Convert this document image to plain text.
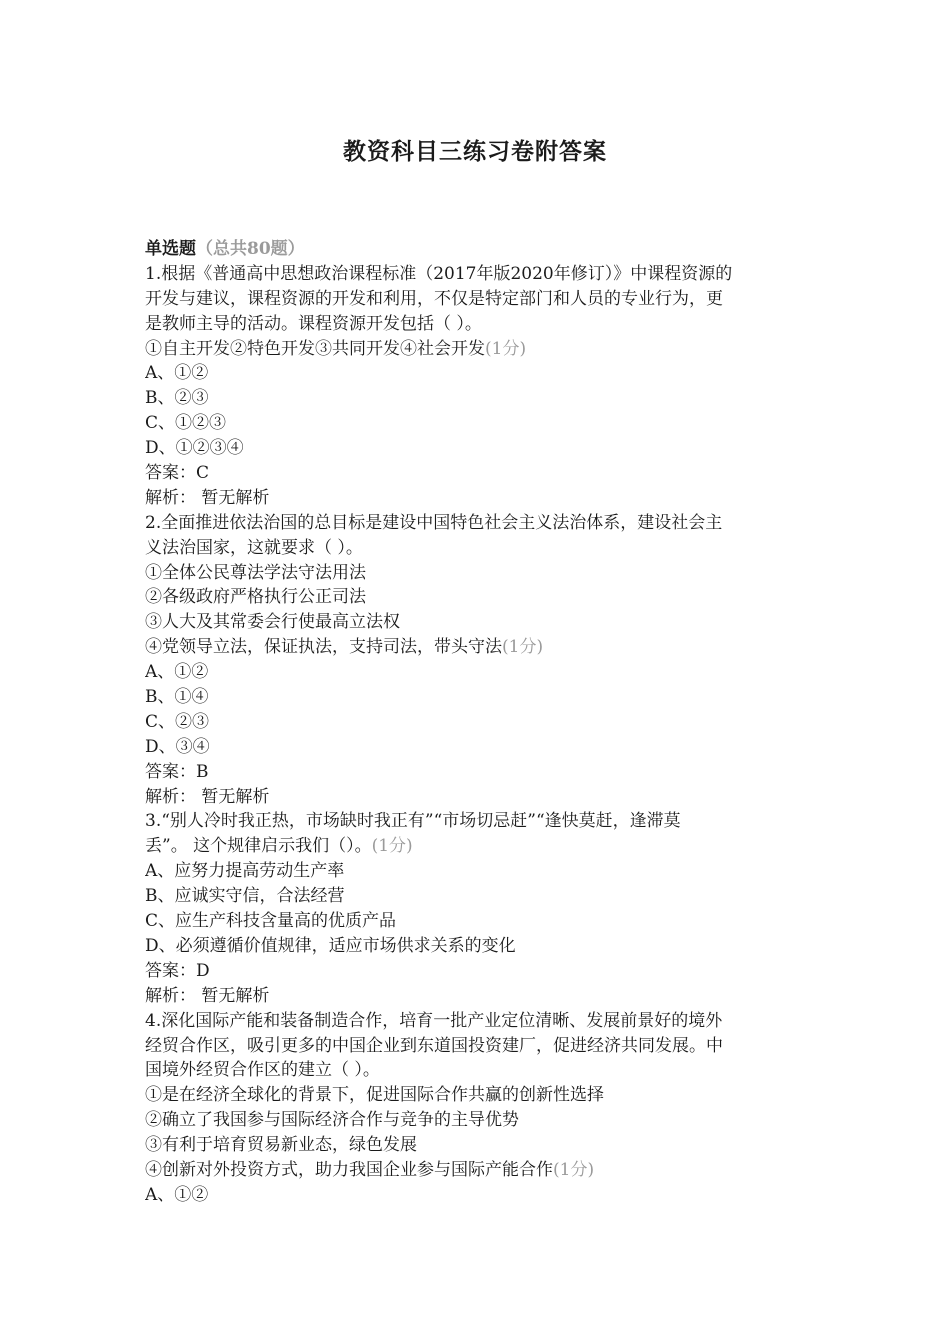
教资科目三练习卷附答案
单选题（总共80题）
1.根据《普通高中思想政治课程标准（2017年版2020年修订）》中课程资源的
开发与建议，课程资源的开发和利用，不仅是特定部门和人员的专业行为，更
是教师主导的活动。课程资源开发包括（ ）。
①自主开发②特色开发③共同开发④社会开发(1分)
A、①②
B、②③
C、①②③
D、①②③④
答案：C
解析： 暂无解析
2.全面推进依法治国的总目标是建设中国特色社会主义法治体系，建设社会主
义法治国家，这就要求（ ）。
①全体公民尊法学法守法用法
②各级政府严格执行公正司法
③人大及其常委会行使最高立法权
④党领导立法，保证执法，支持司法，带头守法(1分)
A、①②
B、①④
C、②③
D、③④
答案：B
解析： 暂无解析
3.“别人冷时我正热，市场缺时我正有”“市场切忌赶”“逢快莫赶，逢滞莫
丢”。 这个规律启示我们（）。(1分)
A、应努力提高劳动生产率
B、应诚实守信，合法经营
C、应生产科技含量高的优质产品
D、必须遵循价值规律，适应市场供求关系的变化
答案：D
解析： 暂无解析
4.深化国际产能和装备制造合作，培育一批产业定位清晰、发展前景好的境外
经贸合作区，吸引更多的中国企业到东道国投资建厂，促进经济共同发展。中
国境外经贸合作区的建立（ ）。
①是在经济全球化的背景下，促进国际合作共赢的创新性选择
②确立了我国参与国际经济合作与竞争的主导优势
③有利于培育贸易新业态，绿色发展
④创新对外投资方式，助力我国企业参与国际产能合作(1分)
A、①②
